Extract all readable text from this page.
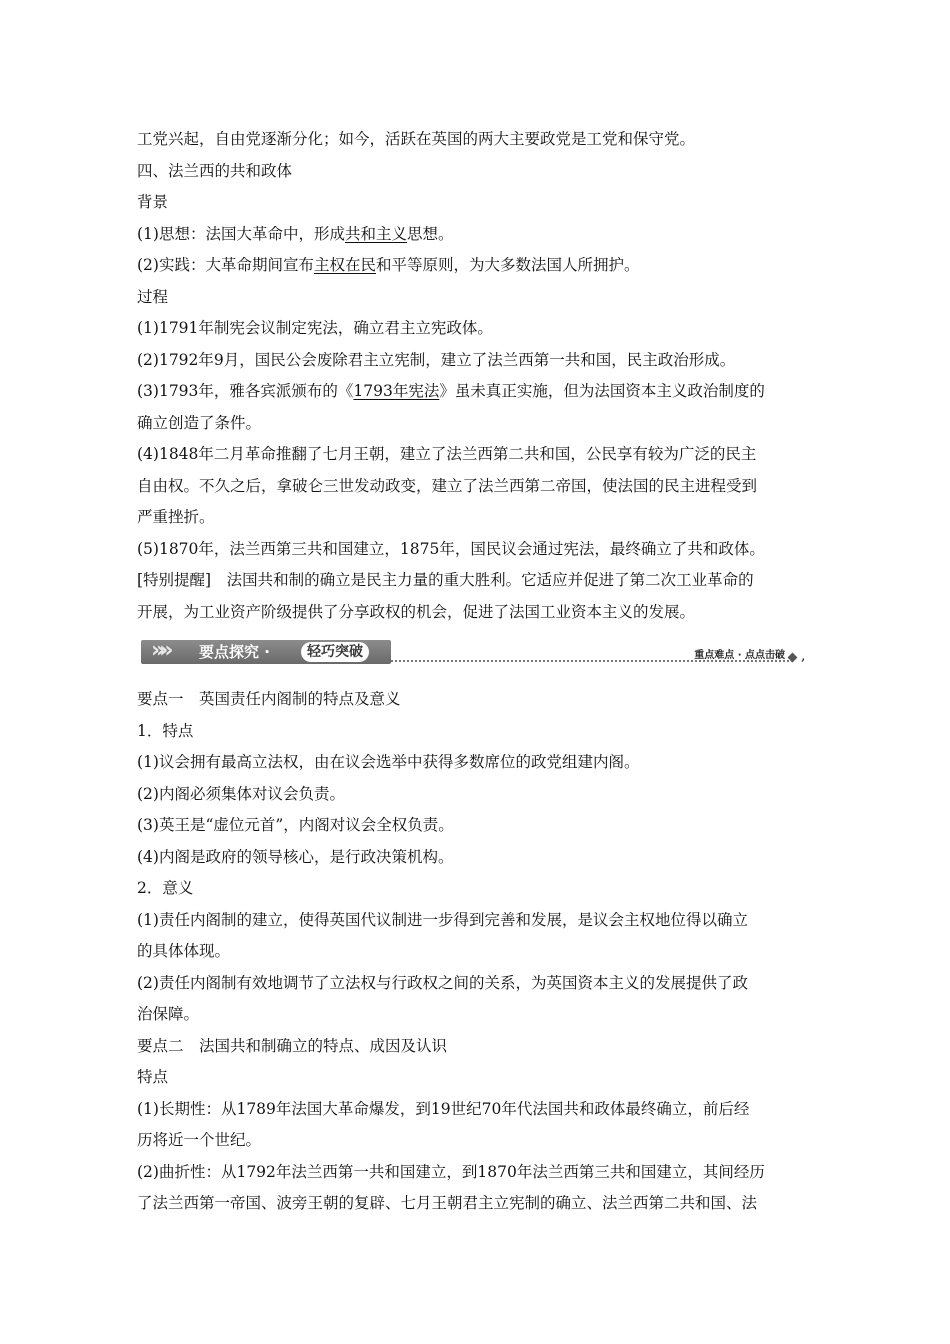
工党兴起，自由党逐渐分化；如今，活跃在英国的两大主要政党是工党和保守党。
四、法兰西的共和政体
背景
(1)思想：法国大革命中，形成共和主义思想。
(2)实践：大革命期间宣布主权在民和平等原则，为大多数法国人所拥护。
过程
(1)1791年制宪会议制定宪法，确立君主立宪政体。
(2)1792年9月，国民公会废除君主立宪制，建立了法兰西第一共和国，民主政治形成。
(3)1793年，雅各宾派颁布的《1793年宪法》虽未真正实施，但为法国资本主义政治制度的
确立创造了条件。
(4)1848年二月革命推翻了七月王朝，建立了法兰西第二共和国，公民享有较为广泛的民主
自由权。不久之后，拿破仑三世发动政变，建立了法兰西第二帝国，使法国的民主进程受到
严重挫折。
(5)1870年，法兰西第三共和国建立，1875年，国民议会通过宪法，最终确立了共和政体。
[特别提醒]　法国共和制的确立是民主力量的重大胜利。它适应并促进了第二次工业革命的
开展，为工业资产阶级提供了分享政权的机会，促进了法国工业资本主义的发展。
»» 要点探究 ·	轻巧突破	重点难点 · 点点击破 ,
要点一　英国责任内阁制的特点及意义
1．特点
(1)议会拥有最高立法权，由在议会选举中获得多数席位的政党组建内阁。
(2)内阁必须集体对议会负责。
(3)英王是“虚位元首”，内阁对议会全权负责。
(4)内阁是政府的领导核心，是行政决策机构。
2．意义
(1)责任内阁制的建立，使得英国代议制进一步得到完善和发展，是议会主权地位得以确立
的具体体现。
(2)责任内阁制有效地调节了立法权与行政权之间的关系，为英国资本主义的发展提供了政
治保障。
要点二　法国共和制确立的特点、成因及认识
特点
(1)长期性：从1789年法国大革命爆发，到19世纪70年代法国共和政体最终确立，前后经
历将近一个世纪。
(2)曲折性：从1792年法兰西第一共和国建立，到1870年法兰西第三共和国建立，其间经历
了法兰西第一帝国、波旁王朝的复辟、七月王朝君主立宪制的确立、法兰西第二共和国、法
